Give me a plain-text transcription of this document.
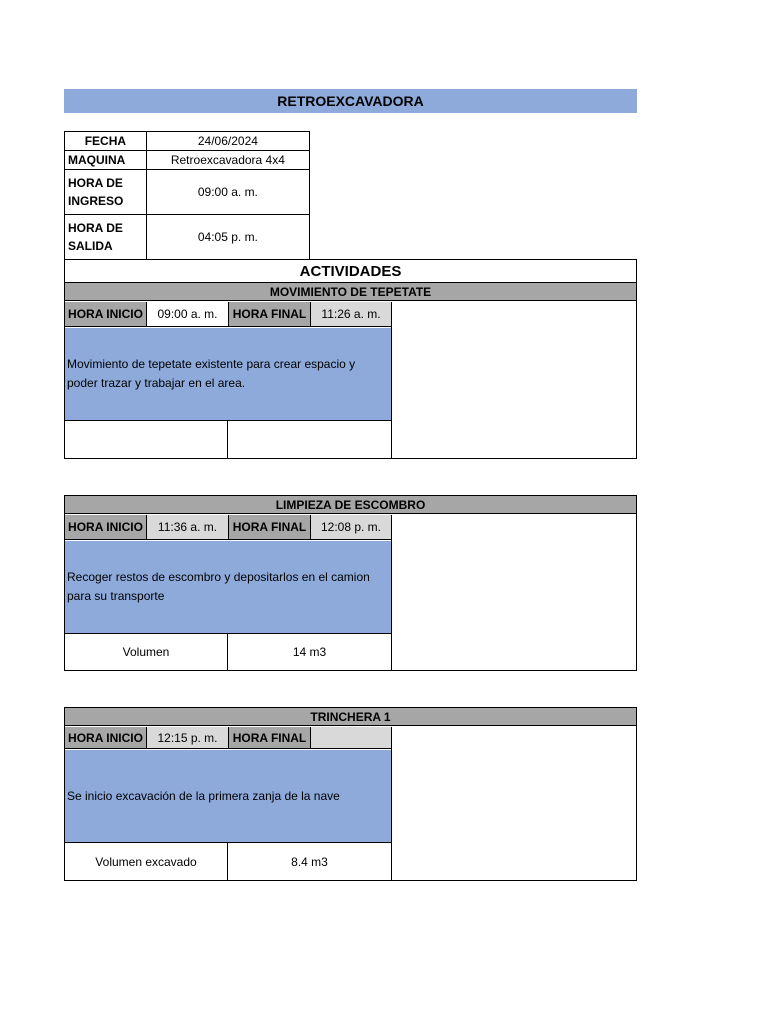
RETROEXCAVADORA
FECHA	24/06/2024
MAQUINA	Retroexcavadora 4x4

HORA DE
INGRESO	09:00 a. m.

HORA DE
SALIDA	04:05 p. m.
ACTIVIDADES
MOVIMIENTO DE TEPETATE
HORA INICIO	09:00 a. m.	HORA FINAL	11:26 a. m.
Movimiento de tepetate existente para crear espacio y poder trazar y trabajar en el area.
LIMPIEZA DE ESCOMBRO
HORA INICIO	11:36 a. m.	HORA FINAL	12:08 p. m.
Recoger restos de escombro y depositarlos en el camion para su transporte
Volumen	14 m3
TRINCHERA 1
HORA INICIO	12:15 p. m.	HORA FINAL
Se inicio excavación de la primera zanja de la nave
Volumen excavado	8.4 m3
